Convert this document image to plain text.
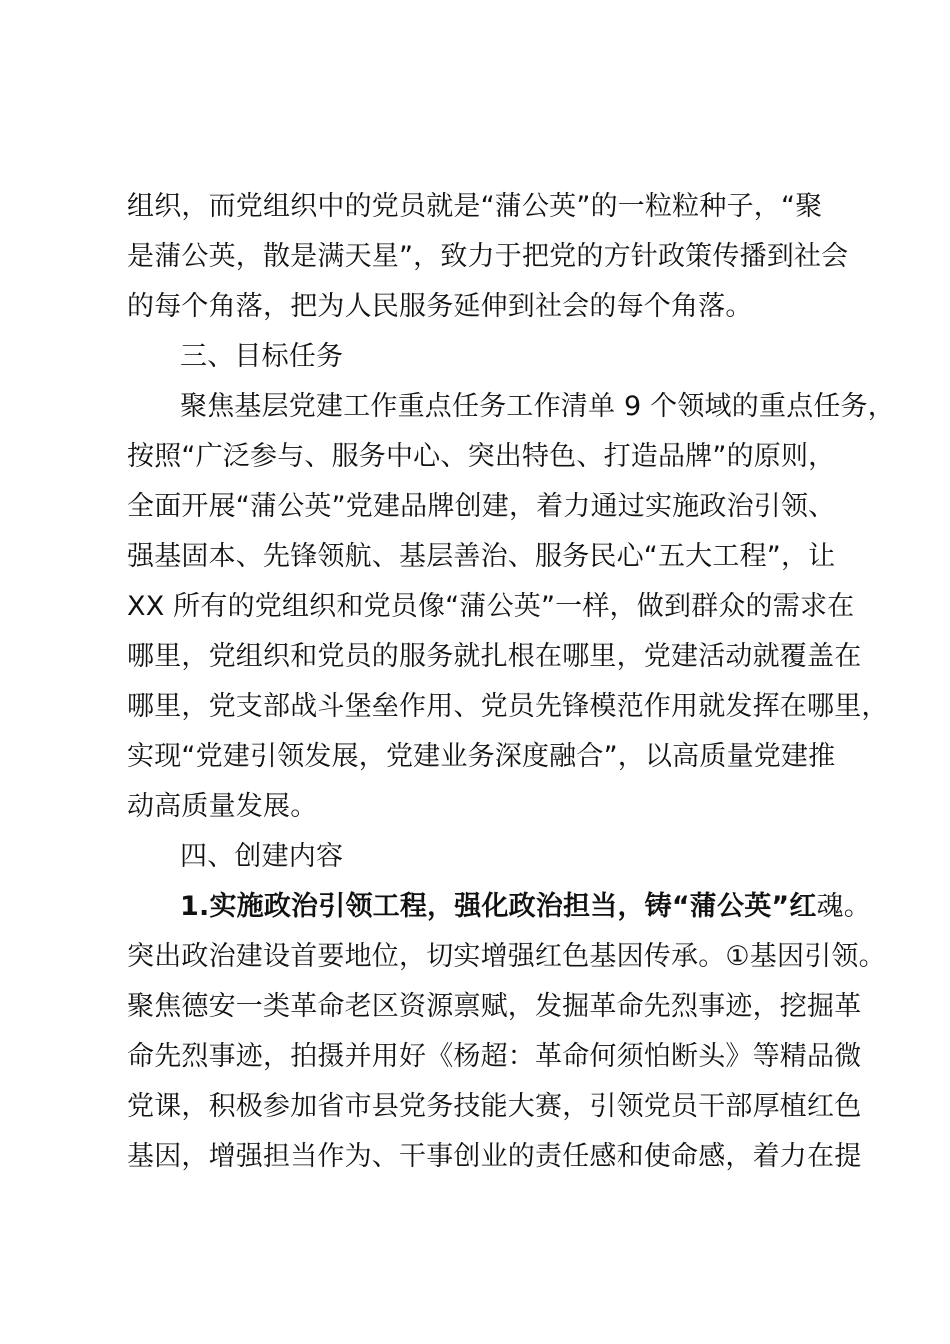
组织，而党组织中的党员就是“蒲公英”的一粒粒种子，“聚
是蒲公英，散是满天星”，致力于把党的方针政策传播到社会
的每个角落，把为人民服务延伸到社会的每个角落。
三、目标任务
聚焦基层党建工作重点任务工作清单 9 个领域的重点任务，
按照“广泛参与、服务中心、突出特色、打造品牌”的原则，
全面开展“蒲公英”党建品牌创建，着力通过实施政治引领、
强基固本、先锋领航、基层善治、服务民心“五大工程”，让
XX 所有的党组织和党员像“蒲公英”一样，做到群众的需求在
哪里，党组织和党员的服务就扎根在哪里，党建活动就覆盖在
哪里，党支部战斗堡垒作用、党员先锋模范作用就发挥在哪里，
实现“党建引领发展，党建业务深度融合”，以高质量党建推
动高质量发展。
四、创建内容
1.实施政治引领工程，强化政治担当，铸“蒲公英”红魂。
突出政治建设首要地位，切实增强红色基因传承。①基因引领。
聚焦德安一类革命老区资源禀赋，发掘革命先烈事迹，挖掘革
命先烈事迹，拍摄并用好《杨超：革命何须怕断头》等精品微
党课，积极参加省市县党务技能大赛，引领党员干部厚植红色
基因，增强担当作为、干事创业的责任感和使命感，着力在提
